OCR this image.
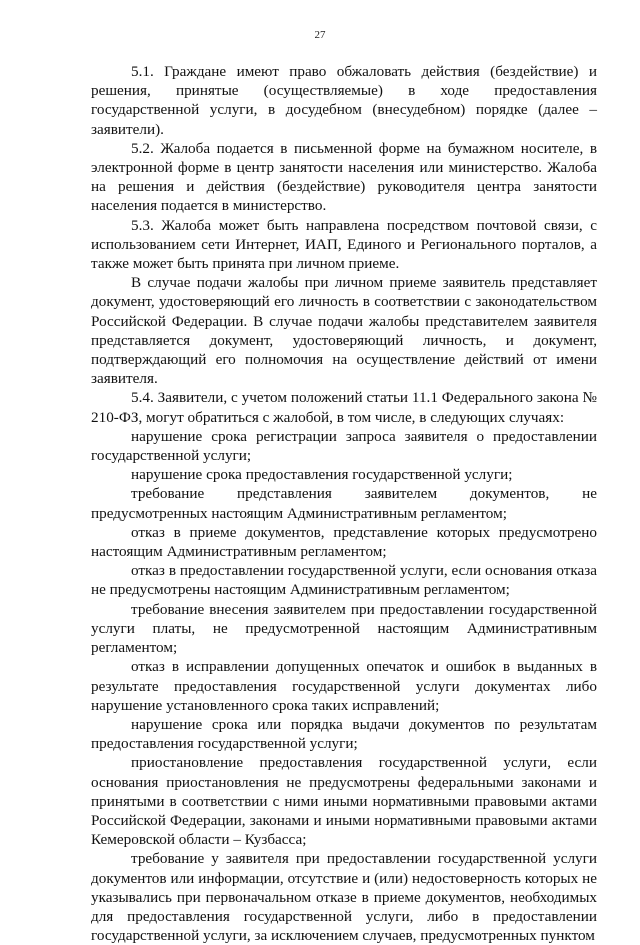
27

5.1. Граждане имеют право обжаловать действия (бездействие) и решения, принятые (осуществляемые) в ходе предоставления государственной услуги, в досудебном (внесудебном) порядке (далее – заявители).

5.2. Жалоба подается в письменной форме на бумажном носителе, в электронной форме в центр занятости населения или министерство. Жалоба на решения и действия (бездействие) руководителя центра занятости населения подается в министерство.

5.3. Жалоба может быть направлена посредством почтовой связи, с использованием сети Интернет, ИАП, Единого и Регионального порталов, а также может быть принята при личном приеме.

В случае подачи жалобы при личном приеме заявитель представляет документ, удостоверяющий его личность в соответствии с законодательством Российской Федерации. В случае подачи жалобы представителем заявителя представляется документ, удостоверяющий личность, и документ, подтверждающий его полномочия на осуществление действий от имени заявителя.

5.4. Заявители, с учетом положений статьи 11.1 Федерального закона № 210-ФЗ, могут обратиться с жалобой, в том числе, в следующих случаях:

нарушение срока регистрации запроса заявителя о предоставлении государственной услуги;

нарушение срока предоставления государственной услуги;

требование представления заявителем документов, не предусмотренных настоящим Административным регламентом;

отказ в приеме документов, представление которых предусмотрено настоящим Административным регламентом;

отказ в предоставлении государственной услуги, если основания отказа не предусмотрены настоящим Административным регламентом;

требование внесения заявителем при предоставлении государственной услуги платы, не предусмотренной настоящим Административным регламентом;

отказ в исправлении допущенных опечаток и ошибок в выданных в результате предоставления государственной услуги документах либо нарушение установленного срока таких исправлений;

нарушение срока или порядка выдачи документов по результатам предоставления государственной услуги;

приостановление предоставления государственной услуги, если основания приостановления не предусмотрены федеральными законами и принятыми в соответствии с ними иными нормативными правовыми актами Российской Федерации, законами и иными нормативными правовыми актами Кемеровской области – Кузбасса;

требование у заявителя при предоставлении государственной услуги документов или информации, отсутствие и (или) недостоверность которых не указывались при первоначальном отказе в приеме документов, необходимых для предоставления государственной услуги, либо в предоставлении государственной услуги, за исключением случаев, предусмотренных пунктом
